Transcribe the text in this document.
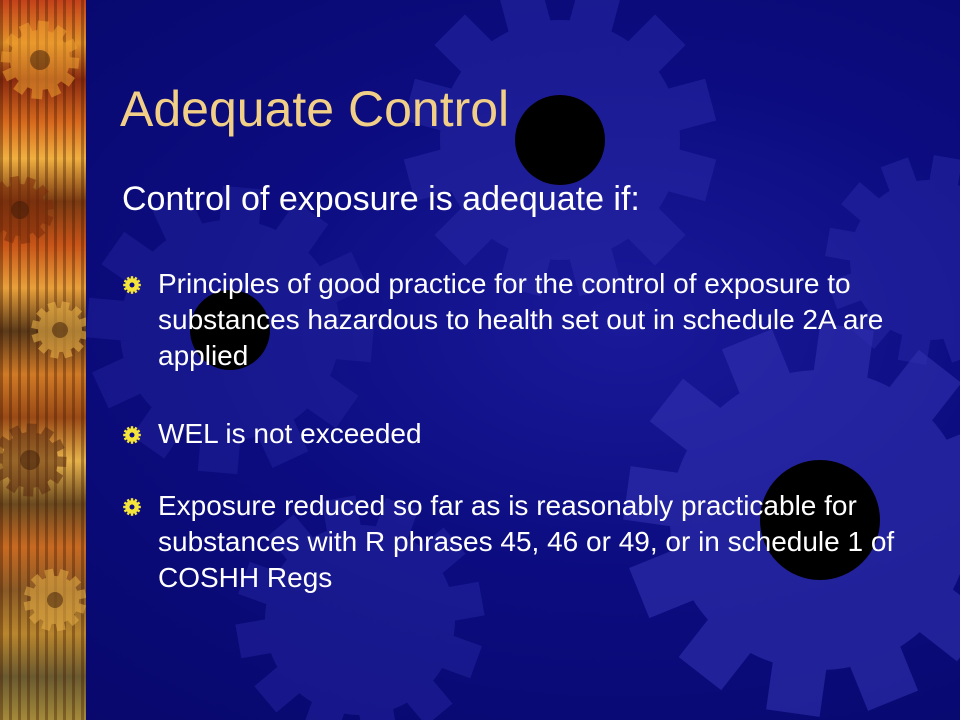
Adequate Control
Control of exposure is adequate if:
Principles of good practice for the control of exposure to substances hazardous to health set out in schedule 2A are applied
WEL is not exceeded
Exposure reduced so far as is reasonably practicable for substances with R phrases 45, 46 or 49, or in schedule 1 of COSHH Regs
